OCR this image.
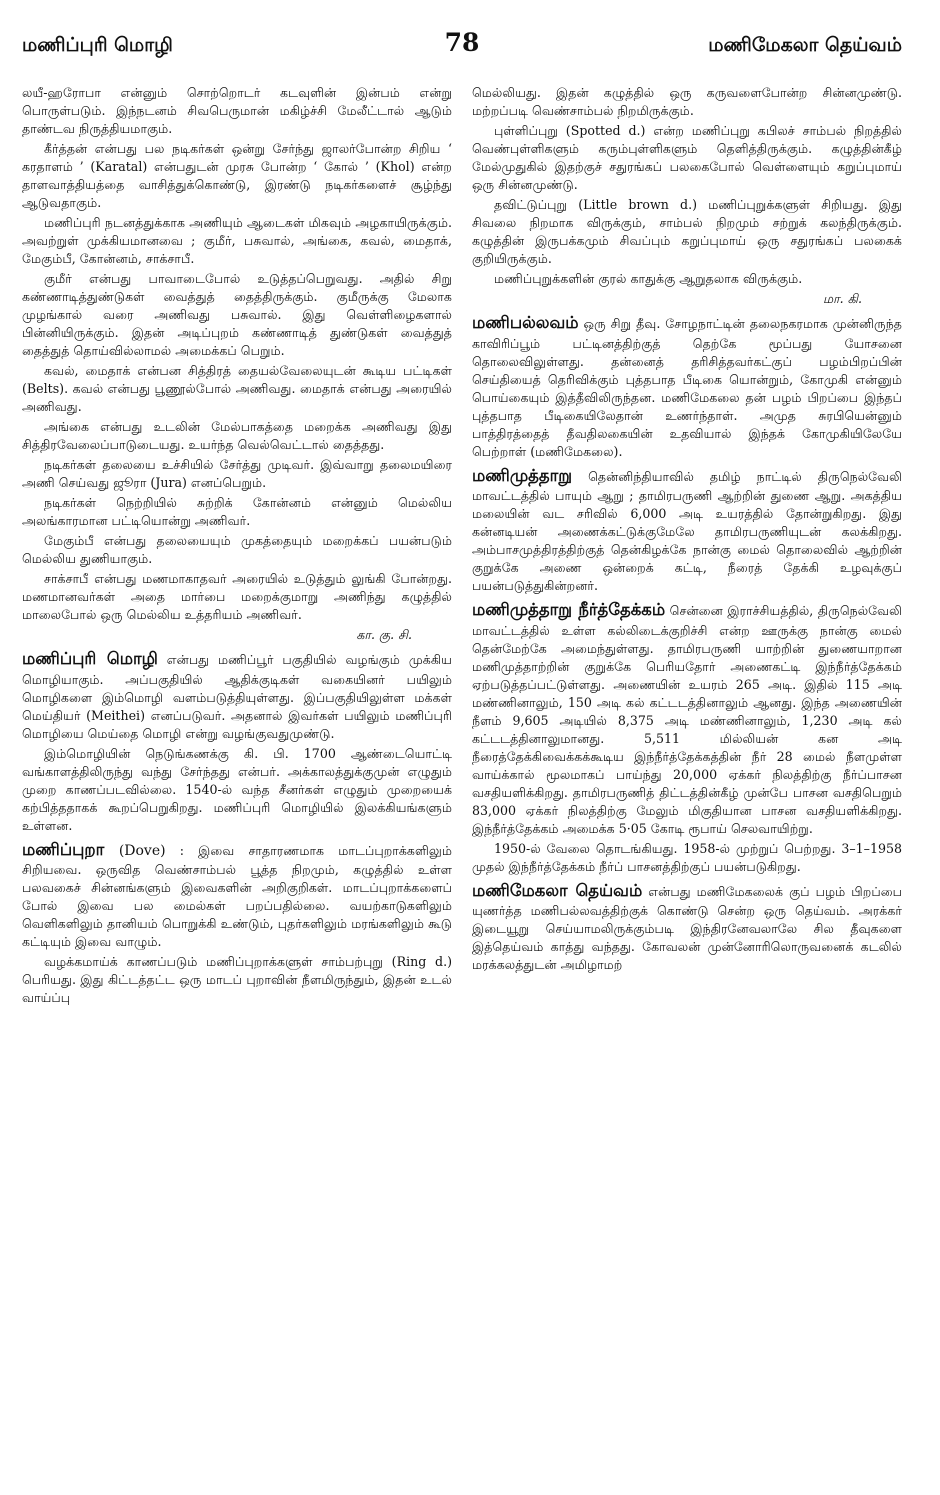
மணிப்புரி மொழி	78	மணிமேகலா தெய்வம்

லயீ-ஹரோபா என்னும் சொற்றொடர் கடவுளின் இன்பம் என்று பொருள்படும். இந்நடனம் சிவபெருமான் மகிழ்ச்சி மேலீட்டால் ஆடும் தாண்டவ நிருத்தியமாகும்.

கீர்த்தன் என்பது பல நடிகர்கள் ஒன்று சேர்ந்து ஜாலர்போன்ற சிறிய ‘ கரதாளம் ’ (Karatal) என்பதுடன் முரசு போன்ற ‘ கோல் ’ (Khol) என்ற தாளவாத்தியத்தை வாசித்துக்கொண்டு, இரண்டு நடிகர்களைச் சூழ்ந்து ஆடுவதாகும்.

மணிப்புரி நடனத்துக்காக அணியும் ஆடைகள் மிகவும் அழகாயிருக்கும். அவற்றுள் முக்கியமானவை ; குமீர், பசுவால், அங்கை, கவல், மைதாக், மேகும்பீ, கோன்னம், சாக்சாபீ.

குமீர் என்பது பாவாடைபோல் உடுத்தப்பெறுவது. அதில் சிறு கண்ணாடித்துண்டுகள் வைத்துத் தைத்திருக்கும். குமீருக்கு மேலாக முழங்கால் வரை அணிவது பசுவால். இது வெள்ளிழைகளால் பின்னியிருக்கும். இதன் அடிப்புறம் கண்ணாடித் துண்டுகள் வைத்துத் தைத்துத் தொய்வில்லாமல் அமைக்கப் பெறும்.

கவல், மைதாக் என்பன சித்திரத் தையல்வேலையுடன் கூடிய பட்டிகள் (Belts). கவல் என்பது பூணூல்போல் அணிவது. மைதாக் என்பது அரையில் அணிவது.

அங்கை என்பது உடலின் மேல்பாகத்தை மறைக்க அணிவது இது சித்திரவேலைப்பாடுடையது. உயர்ந்த வெல்வெட்டால் தைத்தது.

நடிகர்கள் தலையை உச்சியில் சேர்த்து முடிவர். இவ்வாறு தலைமயிரை அணி செய்வது ஜூரா (Jura) எனப்பெறும்.

நடிகர்கள் நெற்றியில் சுற்றிக் கோன்னம் என்னும் மெல்லிய அலங்காரமான பட்டியொன்று அணிவர்.

மேகும்பீ என்பது தலையையும் முகத்தையும் மறைக்கப் பயன்படும் மெல்லிய துணியாகும்.

சாக்சாபீ என்பது மணமாகாதவர் அரையில் உடுத்தும் லுங்கி போன்றது. மணமானவர்கள் அதை மார்பை மறைக்குமாறு அணிந்து கழுத்தில் மாலைபோல் ஒரு மெல்லிய உத்தரியம் அணிவர்.

கா. கு. சி.

மணிப்புரி மொழி என்பது மணிப்பூர் பகுதியில் வழங்கும் முக்கிய மொழியாகும். அப்பகுதியில் ஆதிக்குடிகள் வகையினர் பயிலும் மொழிகளை இம்மொழி வளம்படுத்தியுள்ளது. இப்பகுதியிலுள்ள மக்கள் மெய்தியர் (Meithei) எனப்படுவர். அதனால் இவர்கள் பயிலும் மணிப்புரி மொழியை மெய்தை மொழி என்று வழங்குவதுமுண்டு.

இம்மொழியின் நெடுங்கணக்கு கி. பி. 1700 ஆண்டையொட்டி வங்காளத்திலிருந்து வந்து சேர்ந்தது என்பர். அக்காலத்துக்குமுன் எழுதும் முறை காணப்படவில்லை. 1540-ல் வந்த சீனர்கள் எழுதும் முறையைக் கற்பித்ததாகக் கூறப்பெறுகிறது. மணிப்புரி மொழியில் இலக்கியங்களும் உள்ளன.

மணிப்புறா (Dove) : இவை சாதாரணமாக மாடப்புறாக்களிலும் சிறியவை. ஒருவித வெண்சாம்பல் பூத்த நிறமும், கழுத்தில் உள்ள பலவகைச் சின்னங்களும் இவைகளின் அறிகுறிகள். மாடப்புறாக்களைப் போல் இவை பல மைல்கள் பறப்பதில்லை. வயற்காடுகளிலும் வெளிகளிலும் தானியம் பொறுக்கி உண்டும், புதர்களிலும் மரங்களிலும் கூடு கட்டியும் இவை வாழும்.

வழக்கமாய்க் காணப்படும் மணிப்புறாக்களுள் சாம்பற்புறு (Ring d.) பெரியது. இது கிட்டத்தட்ட ஒரு மாடப் புறாவின் நீளமிருந்தும், இதன் உடல் வாய்ப்பு

மெல்லியது. இதன் கழுத்தில் ஒரு கருவளைபோன்ற சின்னமுண்டு. மற்றப்படி வெண்சாம்பல் நிறமிருக்கும்.

புள்ளிப்புறு (Spotted d.) என்ற மணிப்புறு கபிலச் சாம்பல் நிறத்தில் வெண்புள்ளிகளும் கரும்புள்ளிகளும் தெளித்திருக்கும். கழுத்தின்கீழ் மேல்முதுகில் இதற்குச் சதுரங்கப் பலகைபோல் வெள்ளையும் கறுப்புமாய் ஒரு சின்னமுண்டு.

தவிட்டுப்புறு (Little brown d.) மணிப்புறுக்களுள் சிறியது. இது சிவலை நிறமாக விருக்கும், சாம்பல் நிறமும் சற்றுக் கலந்திருக்கும். கழுத்தின் இருபக்கமும் சிவப்பும் கறுப்புமாய் ஒரு சதுரங்கப் பலகைக் குறியிருக்கும்.

மணிப்புறுக்களின் குரல் காதுக்கு ஆறுதலாக விருக்கும்.

மா. கி.

மணிபல்லவம் ஒரு சிறு தீவு. சோழநாட்டின் தலைநகரமாக முன்னிருந்த காவிரிப்பூம் பட்டினத்திற்குத் தெற்கே மூப்பது யோசனை தொலைவிலுள்ளது. தன்னைத் தரிசித்தவர்கட்குப் பழம்பிறப்பின் செய்தியைத் தெரிவிக்கும் புத்தபாத பீடிகை யொன்றும், கோமுகி என்னும் பொய்கையும் இத்தீவிலிருந்தன. மணிமேகலை தன் பழம் பிறப்பை இந்தப் புத்தபாத பீடிகையிலேதான் உணர்ந்தாள். அமுத சுரபியென்னும் பாத்திரத்தைத் தீவதிலகையின் உதவியால் இந்தக் கோமுகியிலேயே பெற்றாள் (மணிமேகலை).

மணிமுத்தாறு தென்னிந்தியாவில் தமிழ் நாட்டில் திருநெல்வேலி மாவட்டத்தில் பாயும் ஆறு ; தாமிரபருணி ஆற்றின் துணை ஆறு. அகத்திய மலையின் வட சரிவில் 6,000 அடி உயரத்தில் தோன்றுகிறது. இது கன்னடியன் அணைக்கட்டுக்குமேலே தாமிரபருணியுடன் கலக்கிறது. அம்பாசமுத்திரத்திற்குத் தென்கிழக்கே நான்கு மைல் தொலைவில் ஆற்றின் குறுக்கே அணை ஒன்றைக் கட்டி, நீரைத் தேக்கி உழவுக்குப் பயன்படுத்துகின்றனர்.

மணிமுத்தாறு நீர்த்தேக்கம் சென்னை இராச்சியத்தில், திருநெல்வேலி மாவட்டத்தில் உள்ள கல்லிடைக்குறிச்சி என்ற ஊருக்கு நான்கு மைல் தென்மேற்கே அமைந்துள்ளது. தாமிரபருணி யாற்றின் துணையாறான மணிமுத்தாற்றின் குறுக்கே பெரியதோர் அணைகட்டி இந்நீர்த்தேக்கம் ஏற்படுத்தப்பட்டுள்ளது. அணையின் உயரம் 265 அடி. இதில் 115 அடி மண்ணினாலும், 150 அடி கல் கட்டடத்தினாலும் ஆனது. இந்த அணையின் நீளம் 9,605 அடியில் 8,375 அடி மண்ணினாலும், 1,230 அடி கல் கட்டடத்தினாலுமானது. 5,511 மில்லியன் கன அடி நீரைத்தேக்கிவைக்கக்கூடிய இந்நீர்த்தேக்கத்தின் நீர் 28 மைல் நீளமுள்ள வாய்க்கால் மூலமாகப் பாய்ந்து 20,000 ஏக்கர் நிலத்திற்கு நீர்ப்பாசன வசதியளிக்கிறது. தாமிரபருணித் திட்டத்தின்கீழ் முன்பே பாசன வசதிபெறும் 83,000 ஏக்கர் நிலத்திற்கு மேலும் மிகுதியான பாசன வசதியளிக்கிறது. இந்நீர்த்தேக்கம் அமைக்க 5·05 கோடி ரூபாய் செலவாயிற்று.

1950-ல் வேலை தொடங்கியது. 1958-ல் முற்றுப் பெற்றது. 3–1–1958 முதல் இந்நீர்த்தேக்கம் நீர்ப் பாசனத்திற்குப் பயன்படுகிறது.

மணிமேகலா தெய்வம் என்பது மணிமேகலைக் குப் பழம் பிறப்பை யுணர்த்த மணிபல்லவத்திற்குக் கொண்டு சென்ற ஒரு தெய்வம். அரக்கர் இடையூறு செய்யாமலிருக்கும்படி இந்திரனேவலாலே சில தீவுகளை இத்தெய்வம் காத்து வந்தது. கோவலன் முன்னோரிலொருவனைக் கடலில் மரக்கலத்துடன் அமிழாமற்
